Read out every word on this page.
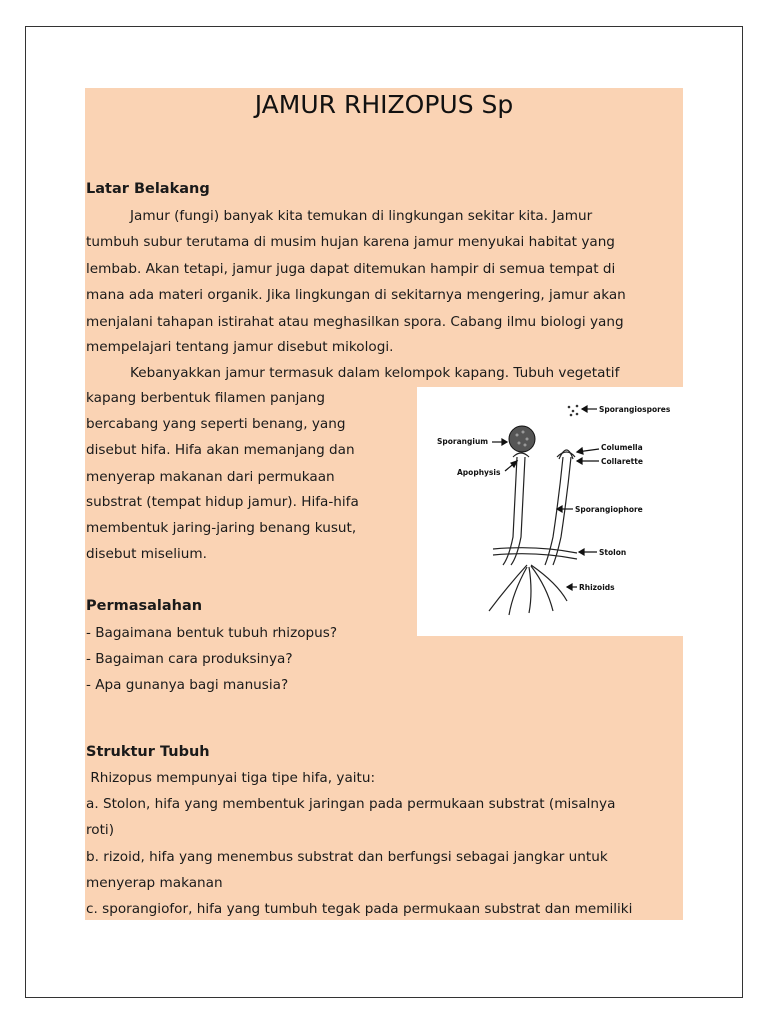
JAMUR RHIZOPUS Sp
Latar Belakang

Jamur (fungi) banyak kita temukan di lingkungan sekitar kita. Jamur

tumbuh subur terutama di musim hujan karena jamur menyukai habitat yang

lembab. Akan tetapi, jamur juga dapat ditemukan hampir di semua tempat di

mana ada materi organik. Jika lingkungan di sekitarnya mengering, jamur akan

menjalani tahapan istirahat atau meghasilkan spora. Cabang ilmu biologi yang

mempelajari tentang jamur disebut mikologi.

Kebanyakkan jamur termasuk dalam kelompok kapang. Tubuh vegetatif

kapang berbentuk filamen panjang

bercabang yang seperti benang, yang

disebut hifa. Hifa akan memanjang dan

menyerap makanan dari permukaan

substrat (tempat hidup jamur). Hifa-hifa

membentuk jaring-jaring benang kusut,

disebut miselium.

Sporangiospores
Sporangium
Columella
Collarette
Apophysis
Sporangiophore
Stolon
Rhizoids
Permasalahan

- Bagaimana bentuk tubuh rhizopus?

- Bagaiman cara produksinya?

- Apa gunanya bagi manusia?

Struktur Tubuh

Rhizopus mempunyai tiga tipe hifa, yaitu:

a. Stolon, hifa yang membentuk jaringan pada permukaan substrat (misalnya

roti)

b. rizoid, hifa yang menembus substrat dan berfungsi sebagai jangkar untuk

menyerap makanan

c. sporangiofor, hifa yang tumbuh tegak pada permukaan substrat dan memiliki
